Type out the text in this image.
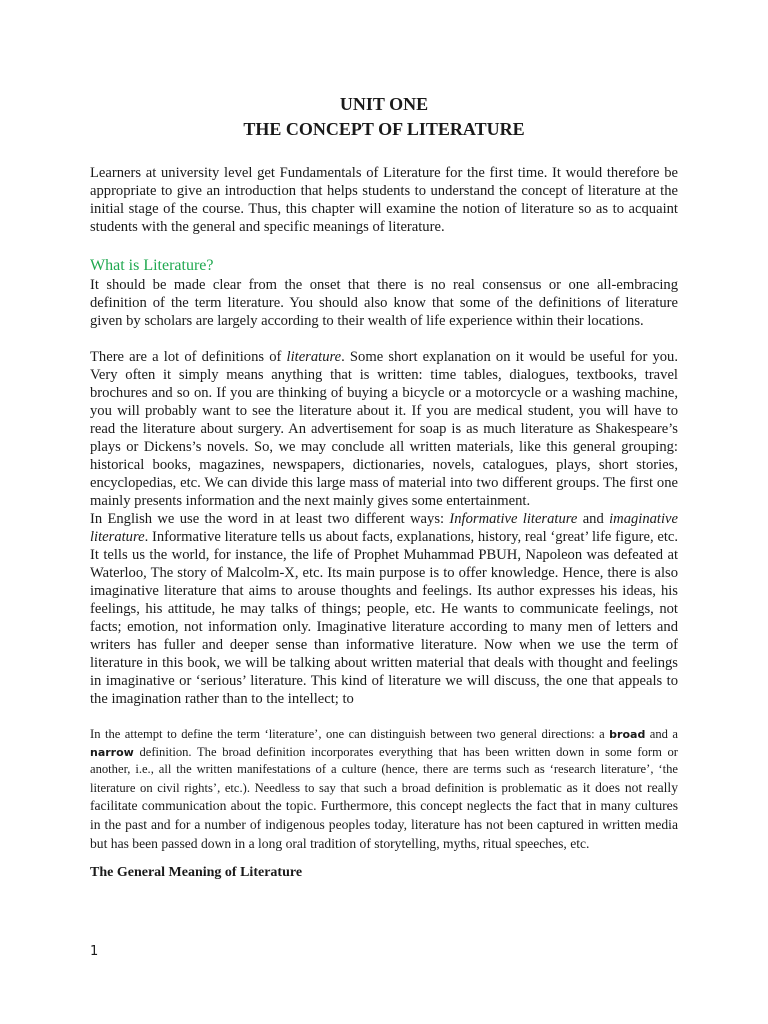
UNIT ONE
THE CONCEPT OF LITERATURE

Learners at university level get Fundamentals of Literature for the first time. It would therefore be appropriate to give an introduction that helps students to understand the concept of literature at the initial stage of the course. Thus, this chapter will examine the notion of literature so as to acquaint students with the general and specific meanings of literature.

What is Literature?

It should be made clear from the onset that there is no real consensus or one all-embracing definition of the term literature. You should also know that some of the definitions of literature given by scholars are largely according to their wealth of life experience within their locations.

There are a lot of definitions of literature. Some short explanation on it would be useful for you. Very often it simply means anything that is written: time tables, dialogues, textbooks, travel brochures and so on. If you are thinking of buying a bicycle or a motorcycle or a washing machine, you will probably want to see the literature about it. If you are medical student, you will have to read the literature about surgery. An advertisement for soap is as much literature as Shakespeare’s plays or Dickens’s novels. So, we may conclude all written materials, like this general grouping: historical books, magazines, newspapers, dictionaries, novels, catalogues, plays, short stories, encyclopedias, etc. We can divide this large mass of material into two different groups. The first one mainly presents information and the next mainly gives some entertainment.

In English we use the word in at least two different ways: Informative literature and imaginative literature. Informative literature tells us about facts, explanations, history, real ‘great’ life figure, etc. It tells us the world, for instance, the life of Prophet Muhammad PBUH, Napoleon was defeated at Waterloo, The story of Malcolm-X, etc. Its main purpose is to offer knowledge. Hence, there is also imaginative literature that aims to arouse thoughts and feelings. Its author expresses his ideas, his feelings, his attitude, he may talks of things; people, etc. He wants to communicate feelings, not facts; emotion, not information only. Imaginative literature according to many men of letters and writers has fuller and deeper sense than informative literature. Now when we use the term of literature in this book, we will be talking about written material that deals with thought and feelings in imaginative or ‘serious’ literature. This kind of literature we will discuss, the one that appeals to the imagination rather than to the intellect; to

In the attempt to define the term ‘literature’, one can distinguish between two general directions: a broad and a narrow definition. The broad definition incorporates everything that has been written down in some form or another, i.e., all the written manifestations of a culture (hence, there are terms such as ‘research literature’, ‘the literature on civil rights’, etc.). Needless to say that such a broad definition is problematic as it does not really facilitate communication about the topic. Furthermore, this concept neglects the fact that in many cultures in the past and for a number of indigenous peoples today, literature has not been captured in written media but has been passed down in a long oral tradition of storytelling, myths, ritual speeches, etc.

The General Meaning of Literature
1
